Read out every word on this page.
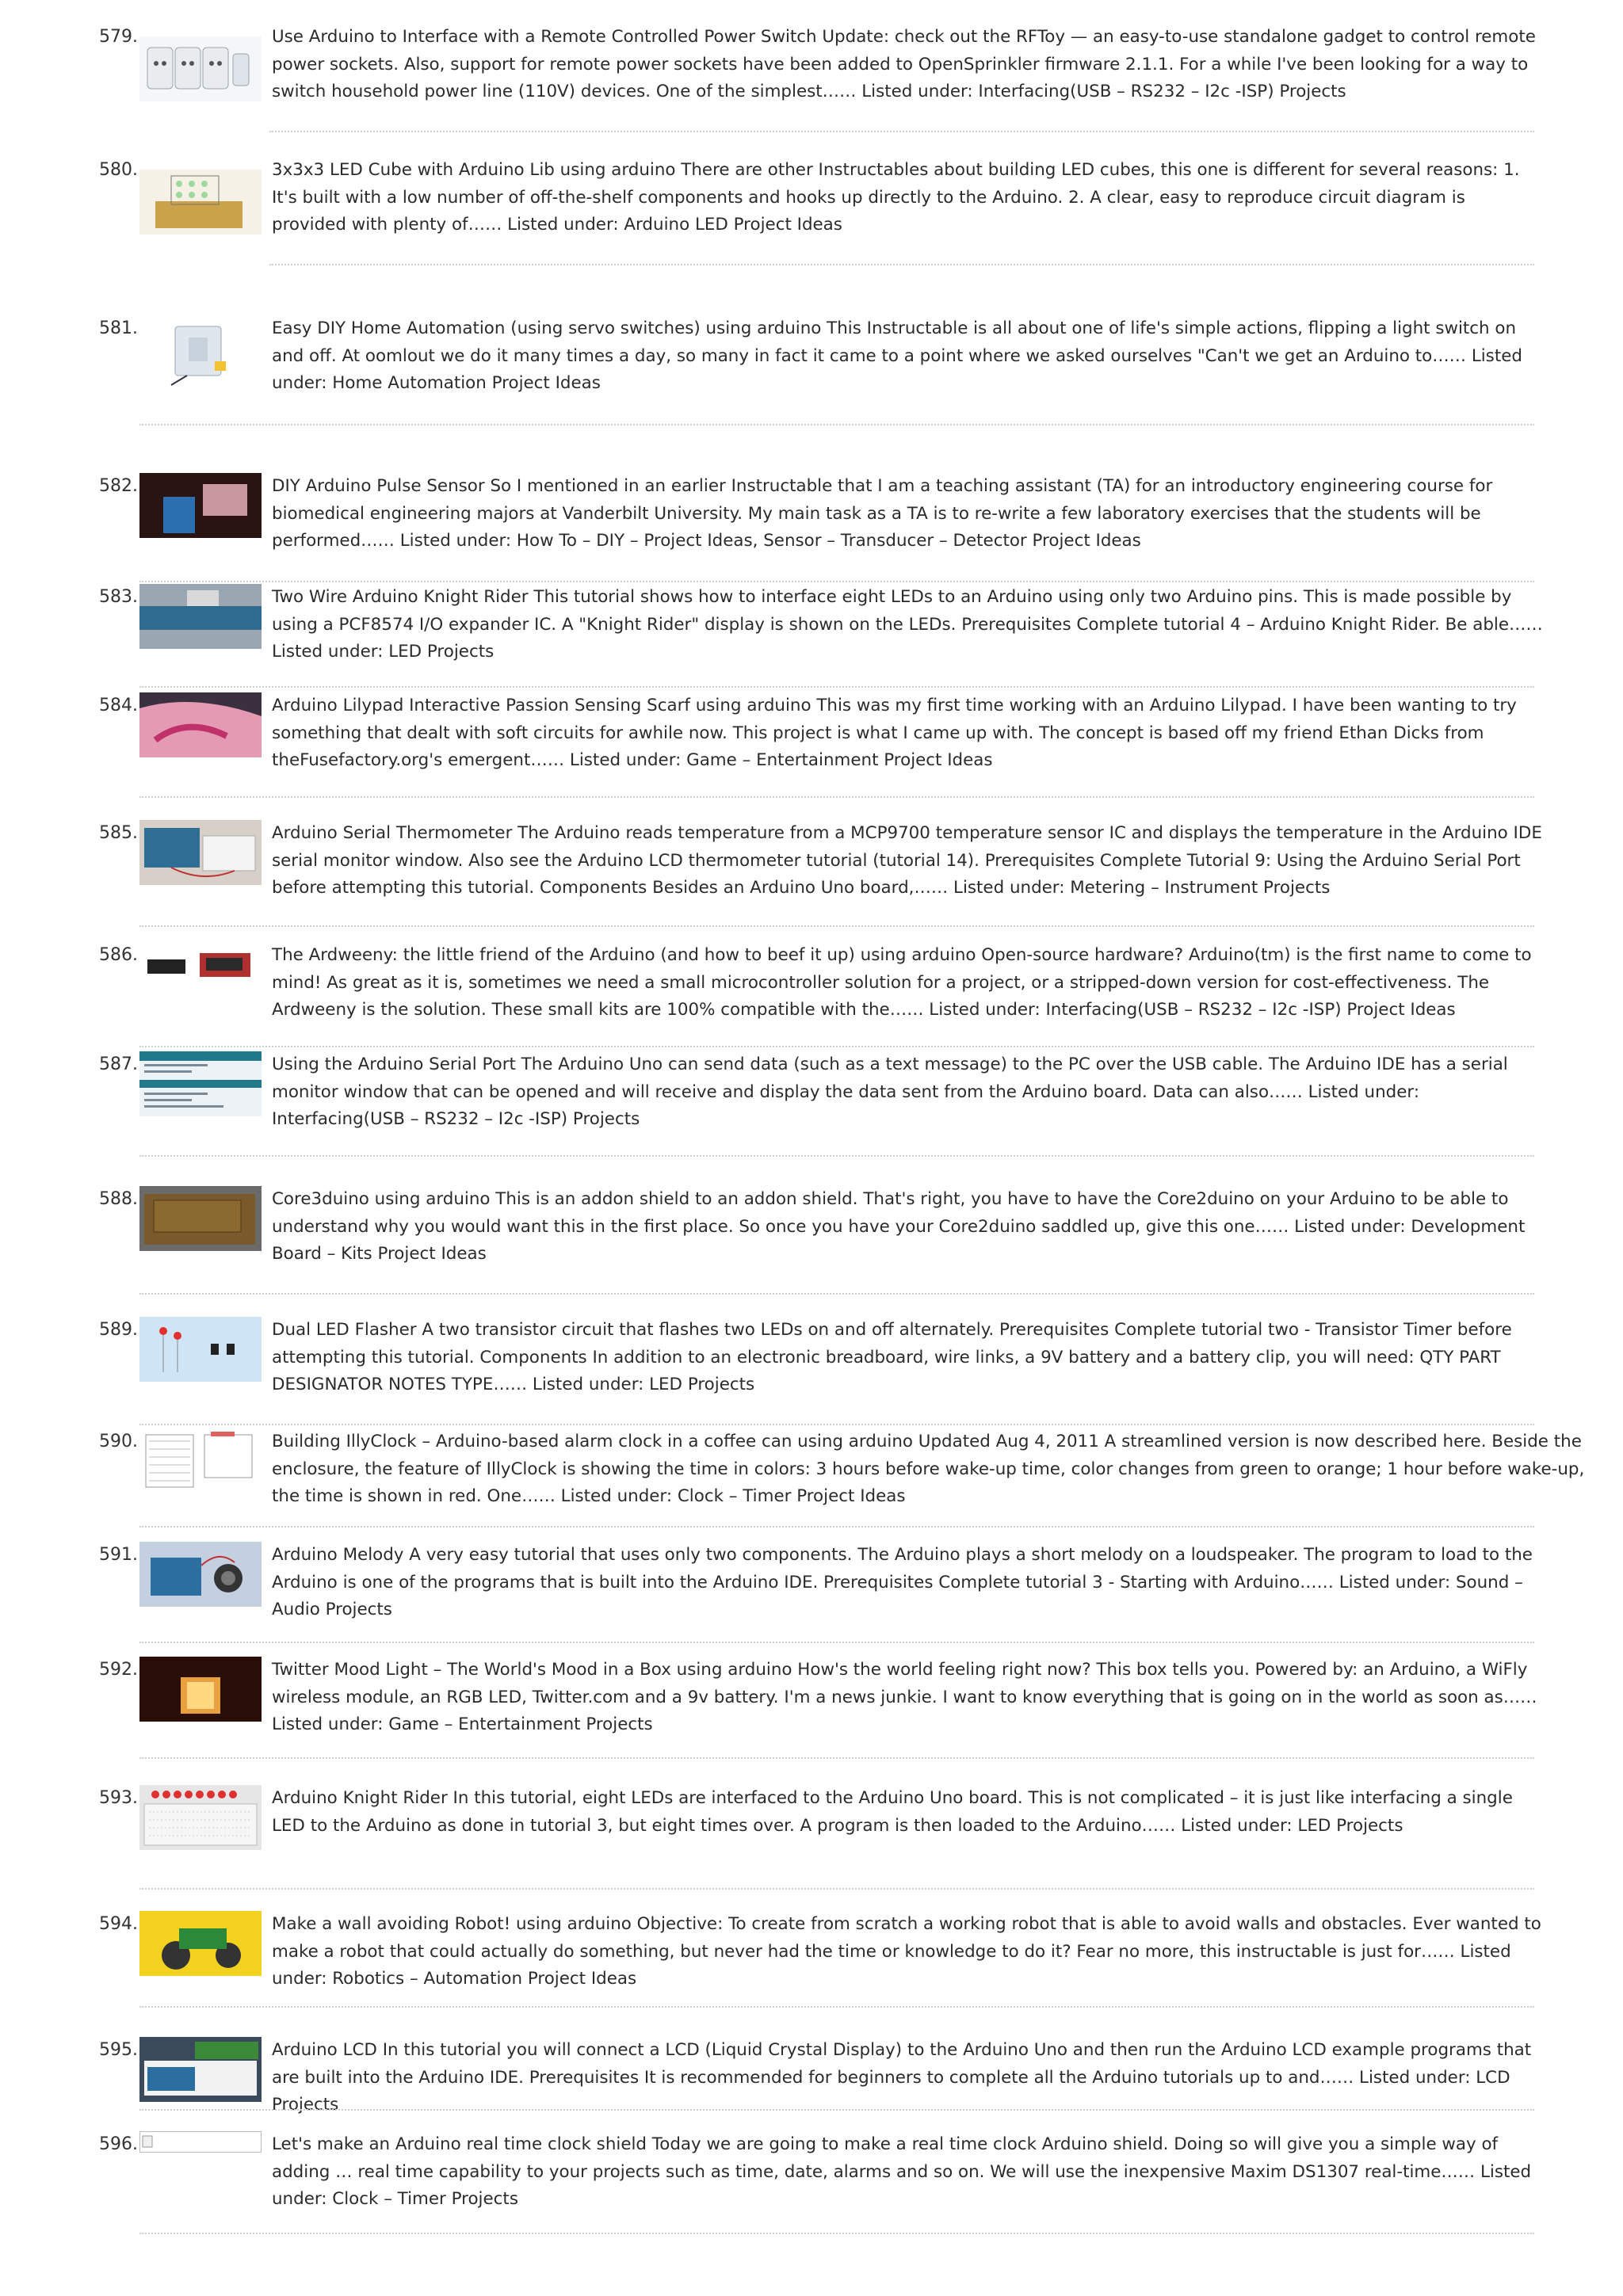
579.	Use Arduino to Interface with a Remote Controlled Power Switch Update: check out the RFToy — an easy-to-use standalone gadget to control remote power sockets. Also, support for remote power sockets have been added to OpenSprinkler firmware 2.1.1. For a while I've been looking for a way to switch household power line (110V) devices. One of the simplest…… Listed under: Interfacing(USB – RS232 – I2c -ISP) Projects
580.	3x3x3 LED Cube with Arduino Lib using arduino There are other Instructables about building LED cubes, this one is different for several reasons: 1. It's built with a low number of off-the-shelf components and hooks up directly to the Arduino. 2. A clear, easy to reproduce circuit diagram is provided with plenty of…… Listed under: Arduino LED Project Ideas
581.	Easy DIY Home Automation (using servo switches) using arduino This Instructable is all about one of life's simple actions, flipping a light switch on and off. At oomlout we do it many times a day, so many in fact it came to a point where we asked ourselves "Can't we get an Arduino to…… Listed under: Home Automation Project Ideas
582.	DIY Arduino Pulse Sensor So I mentioned in an earlier Instructable that I am a teaching assistant (TA) for an introductory engineering course for biomedical engineering majors at Vanderbilt University. My main task as a TA is to re-write a few laboratory exercises that the students will be performed…… Listed under: How To – DIY – Project Ideas, Sensor – Transducer – Detector Project Ideas
583.	Two Wire Arduino Knight Rider This tutorial shows how to interface eight LEDs to an Arduino using only two Arduino pins. This is made possible by using a PCF8574 I/O expander IC. A "Knight Rider" display is shown on the LEDs. Prerequisites Complete tutorial 4 – Arduino Knight Rider. Be able…… Listed under: LED Projects
584.	Arduino Lilypad Interactive Passion Sensing Scarf using arduino This was my first time working with an Arduino Lilypad. I have been wanting to try something that dealt with soft circuits for awhile now. This project is what I came up with. The concept is based off my friend Ethan Dicks from theFusefactory.org's emergent…… Listed under: Game – Entertainment Project Ideas
585.	Arduino Serial Thermometer The Arduino reads temperature from a MCP9700 temperature sensor IC and displays the temperature in the Arduino IDE serial monitor window. Also see the Arduino LCD thermometer tutorial (tutorial 14). Prerequisites Complete Tutorial 9: Using the Arduino Serial Port before attempting this tutorial. Components Besides an Arduino Uno board,…… Listed under: Metering – Instrument Projects
586.	The Ardweeny: the little friend of the Arduino (and how to beef it up) using arduino Open-source hardware? Arduino(tm) is the first name to come to mind! As great as it is, sometimes we need a small microcontroller solution for a project, or a stripped-down version for cost-effectiveness. The Ardweeny is the solution. These small kits are 100% compatible with the…… Listed under: Interfacing(USB – RS232 – I2c -ISP) Project Ideas
587.	Using the Arduino Serial Port The Arduino Uno can send data (such as a text message) to the PC over the USB cable. The Arduino IDE has a serial monitor window that can be opened and will receive and display the data sent from the Arduino board. Data can also…… Listed under: Interfacing(USB – RS232 – I2c -ISP) Projects
588.	Core3duino using arduino This is an addon shield to an addon shield. That's right, you have to have the Core2duino on your Arduino to be able to understand why you would want this in the first place. So once you have your Core2duino saddled up, give this one…… Listed under: Development Board – Kits Project Ideas
589.	Dual LED Flasher A two transistor circuit that flashes two LEDs on and off alternately. Prerequisites Complete tutorial two - Transistor Timer before attempting this tutorial. Components In addition to an electronic breadboard, wire links, a 9V battery and a battery clip, you will need: QTY PART DESIGNATOR NOTES TYPE…… Listed under: LED Projects
590.	Building IllyClock – Arduino-based alarm clock in a coffee can using arduino Updated Aug 4, 2011 A streamlined version is now described here. Beside the enclosure, the feature of IllyClock is showing the time in colors: 3 hours before wake-up time, color changes from green to orange; 1 hour before wake-up, the time is shown in red. One…… Listed under: Clock – Timer Project Ideas
591.	Arduino Melody A very easy tutorial that uses only two components. The Arduino plays a short melody on a loudspeaker. The program to load to the Arduino is one of the programs that is built into the Arduino IDE. Prerequisites Complete tutorial 3 - Starting with Arduino…… Listed under: Sound – Audio Projects
592.	Twitter Mood Light – The World's Mood in a Box using arduino How's the world feeling right now? This box tells you. Powered by: an Arduino, a WiFly wireless module, an RGB LED, Twitter.com and a 9v battery. I'm a news junkie. I want to know everything that is going on in the world as soon as…… Listed under: Game – Entertainment Projects
593.	Arduino Knight Rider In this tutorial, eight LEDs are interfaced to the Arduino Uno board. This is not complicated – it is just like interfacing a single LED to the Arduino as done in tutorial 3, but eight times over. A program is then loaded to the Arduino…… Listed under: LED Projects
594.	Make a wall avoiding Robot! using arduino Objective: To create from scratch a working robot that is able to avoid walls and obstacles. Ever wanted to make a robot that could actually do something, but never had the time or knowledge to do it? Fear no more, this instructable is just for…… Listed under: Robotics – Automation Project Ideas
595.	Arduino LCD In this tutorial you will connect a LCD (Liquid Crystal Display) to the Arduino Uno and then run the Arduino LCD example programs that are built into the Arduino IDE. Prerequisites It is recommended for beginners to complete all the Arduino tutorials up to and…… Listed under: LCD Projects
596.	Let's make an Arduino real time clock shield Today we are going to make a real time clock Arduino shield. Doing so will give you a simple way of adding … real time capability to your projects such as time, date, alarms and so on. We will use the inexpensive Maxim DS1307 real-time…… Listed under: Clock – Timer Projects
